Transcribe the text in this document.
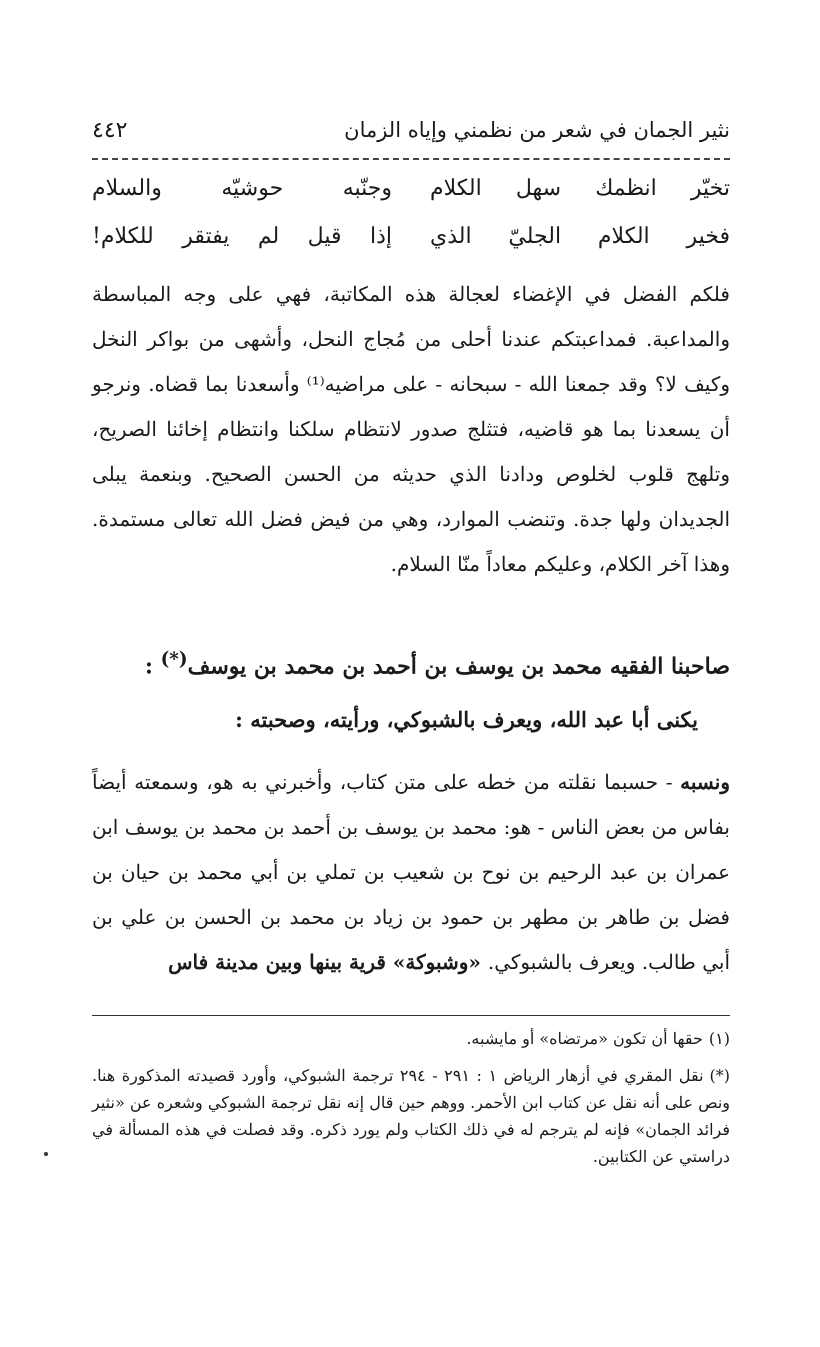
نثير الجمان في شعر من نظمني وإياه الزمان
٤٤٢
تخيّر انظمك سهل الكلام
وجنّبه حوشيّه والسلام
فخير الكلام الجليّ الذي
إذا قيل لم يفتقر للكلام!

فلكم الفضل في الإغضاء لعجالة هذه المكاتبة، فهي على وجه المباسطة والمداعبة. فمداعبتكم عندنا أحلى من مُجاج النحل، وأشهى من بواكر النخل وكيف لا؟ وقد جمعنا الله - سبحانه - على مراضيه⁽¹⁾ وأسعدنا بما قضاه. ونرجو أن يسعدنا بما هو قاضيه، فتثلج صدور لانتظام سلكنا وانتظام إخائنا الصريح، وتلهج قلوب لخلوص ودادنا الذي حديثه من الحسن الصحيح. وبنعمة يبلى الجديدان ولها جدة. وتنضب الموارد، وهي من فيض فضل الله تعالى مستمدة. وهذا آخر الكلام، وعليكم معاداً منّا السلام.

صاحبنا الفقيه محمد بن يوسف بن أحمد بن محمد بن يوسف(*) :
يكنى أبا عبد الله، ويعرف بالشبوكي، ورأيته، وصحبته :

ونسبه - حسبما نقلته من خطه على متن كتاب، وأخبرني به هو، وسمعته أيضاً بفاس من بعض الناس - هو: محمد بن يوسف بن أحمد بن محمد بن يوسف ابن عمران بن عبد الرحيم بن نوح بن شعيب بن تملي بن أبي محمد بن حيان بن فضل بن طاهر بن مطهر بن حمود بن زياد بن محمد بن الحسن بن علي بن أبي طالب. ويعرف بالشبوكي. «وشبوكة» قرية بينها وبين مدينة فاس

(١)حقها أن تكون «مرتضاه» أو مايشبه.
(*)نقل المقري في أزهار الرياض ١ : ٢٩١ - ٢٩٤ ترجمة الشبوكي، وأورد قصيدته المذكورة هنا. ونص على أنه نقل عن كتاب ابن الأحمر. ووهم حين قال إنه نقل ترجمة الشبوكي وشعره عن «نثير فرائد الجمان» فإنه لم يترجم له في ذلك الكتاب ولم يورد ذكره. وقد فصلت في هذه المسألة في دراستي عن الكتابين.
